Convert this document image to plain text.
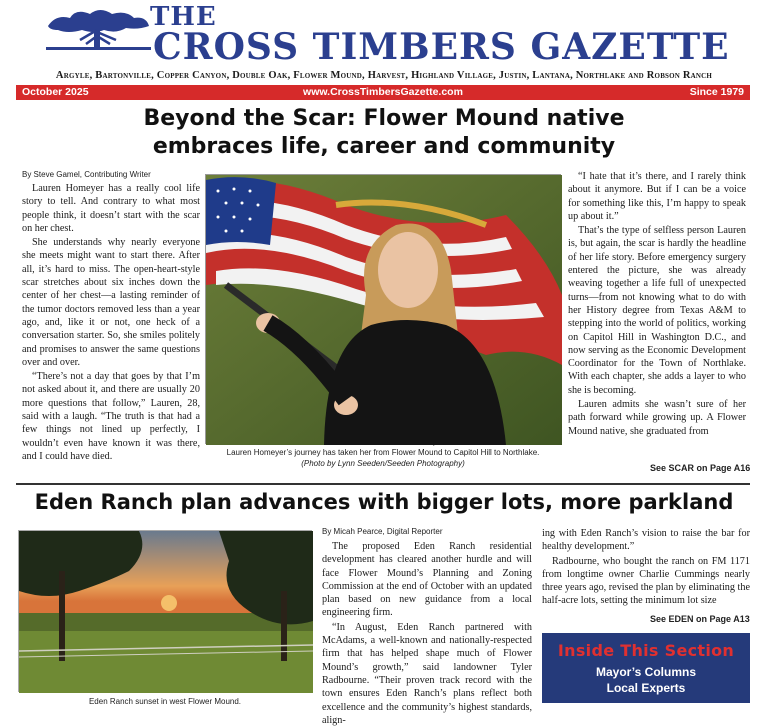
THE
CROSS TIMBERS GAZETTE
Argyle, Bartonville, Copper Canyon, Double Oak, Flower Mound, Harvest, Highland Village, Justin, Lantana, Northlake and Robson Ranch
www.CrossTimbersGazette.com
October 2025	Since 1979
Beyond the Scar: Flower Mound native
embraces life, career and community
By Steve Gamel, Contributing Writer

Lauren Homeyer has a really cool life story to tell. And contrary to what most people think, it doesn’t start with the scar on her chest.

She understands why nearly everyone she meets might want to start there. After all, it’s hard to miss. The open-heart-style scar stretches about six inches down the center of her chest—a lasting reminder of the tumor doctors removed less than a year ago, and, like it or not, one heck of a conversation starter. So, she smiles politely and promises to answer the same questions over and over.

“There’s not a day that goes by that I’m not asked about it, and there are usually 20 more questions that follow,” Lauren, 28, said with a laugh. “The truth is that had a few things not lined up perfectly, I wouldn’t even have known it was there, and I could have died.	Lauren Homeyer’s journey has taken her from Flower Mound to Capitol Hill to Northlake.
(Photo by Lynn Seeden/Seeden Photography)

“I hate that it’s there, and I rarely think about it anymore. But if I can be a voice for something like this, I’m happy to speak up about it.”

That’s the type of selfless person Lauren is, but again, the scar is hardly the headline of her life story. Before emergency surgery entered the picture, she was already weaving together a life full of unexpected turns—from not knowing what to do with her History degree from Texas A&M to stepping into the world of politics, working on Capitol Hill in Washington D.C., and now serving as the Economic Development Coordinator for the Town of Northlake. With each chapter, she adds a layer to who she is becoming.

Lauren admits she wasn’t sure of her path forward while growing up. A Flower Mound native, she graduated from

See SCAR on Page A16
Eden Ranch plan advances with bigger lots, more parkland
Eden Ranch sunset in west Flower Mound.
By Micah Pearce, Digital Reporter

The proposed Eden Ranch residential development has cleared another hurdle and will face Flower Mound’s Planning and Zoning Commission at the end of October with an updated plan based on new guidance from a local engineering firm.

“In August, Eden Ranch partnered with McAdams, a well-known and nationally-respected firm that has helped shape much of Flower Mound’s growth,” said landowner Tyler Radbourne. “Their proven track record with the town ensures Eden Ranch’s plans reflect both excellence and the community’s highest standards, align-

ing with Eden Ranch’s vision to raise the bar for healthy development.”

Radbourne, who bought the ranch on FM 1171 from longtime owner Charlie Cummings nearly three years ago, revised the plan by eliminating the half-acre lots, setting the minimum lot size

See EDEN on Page A13
Inside This Section
Mayor’s Columns
Local Experts
